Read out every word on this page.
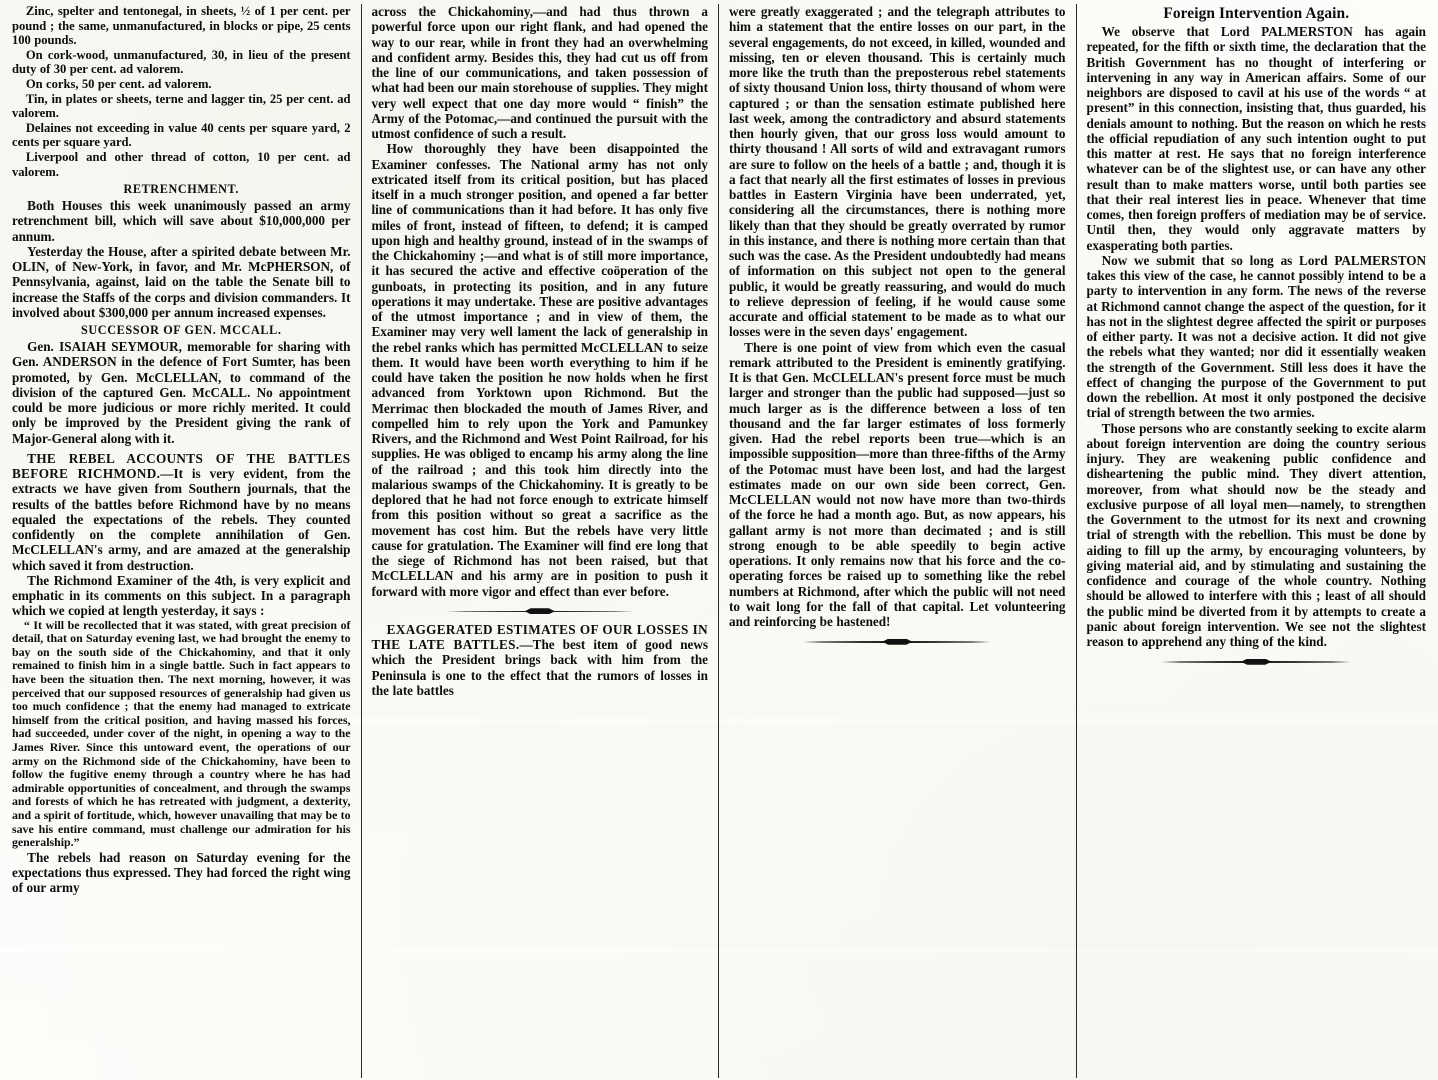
Zinc, spelter and tentonegal, in sheets, ½ of 1 per cent. per pound ; the same, unmanufactured, in blocks or pipe, 25 cents 100 pounds.

On cork-wood, unmanufactured, 30, in lieu of the present duty of 30 per cent. ad valorem.

On corks, 50 per cent. ad valorem.

Tin, in plates or sheets, terne and lagger tin, 25 per cent. ad valorem.

Delaines not exceeding in value 40 cents per square yard, 2 cents per square yard.

Liverpool and other thread of cotton, 10 per cent. ad valorem.

RETRENCHMENT.

Both Houses this week unanimously passed an army retrenchment bill, which will save about $10,000,000 per annum.

Yesterday the House, after a spirited debate between Mr. OLIN, of New-York, in favor, and Mr. McPHERSON, of Pennsylvania, against, laid on the table the Senate bill to increase the Staffs of the corps and division commanders. It involved about $300,000 per annum increased expenses.

SUCCESSOR OF GEN. MCCALL.

Gen. ISAIAH SEYMOUR, memorable for sharing with Gen. ANDERSON in the defence of Fort Sumter, has been promoted, by Gen. McCLELLAN, to command of the division of the captured Gen. McCALL. No appointment could be more judicious or more richly merited. It could only be improved by the President giving the rank of Major-General along with it.

THE REBEL ACCOUNTS OF THE BATTLES BEFORE RICHMOND.—It is very evident, from the extracts we have given from Southern journals, that the results of the battles before Richmond have by no means equaled the expectations of the rebels. They counted confidently on the complete annihilation of Gen. McCLELLAN's army, and are amazed at the generalship which saved it from destruction.

The Richmond Examiner of the 4th, is very explicit and emphatic in its comments on this subject. In a paragraph which we copied at length yesterday, it says :

“ It will be recollected that it was stated, with great precision of detail, that on Saturday evening last, we had brought the enemy to bay on the south side of the Chickahominy, and that it only remained to finish him in a single battle. Such in fact appears to have been the situation then. The next morning, however, it was perceived that our supposed resources of generalship had given us too much confidence ; that the enemy had managed to extricate himself from the critical position, and having massed his forces, had succeeded, under cover of the night, in opening a way to the James River. Since this untoward event, the operations of our army on the Richmond side of the Chickahominy, have been to follow the fugitive enemy through a country where he has had admirable opportunities of concealment, and through the swamps and forests of which he has retreated with judgment, a dexterity, and a spirit of fortitude, which, however unavailing that may be to save his entire command, must challenge our admiration for his generalship.”

The rebels had reason on Saturday evening for the expectations thus expressed. They had forced the right wing of our army

across the Chickahominy,—and had thus thrown a powerful force upon our right flank, and had opened the way to our rear, while in front they had an overwhelming and confident army. Besides this, they had cut us off from the line of our communications, and taken possession of what had been our main storehouse of supplies. They might very well expect that one day more would “ finish” the Army of the Potomac,—and continued the pursuit with the utmost confidence of such a result.

How thoroughly they have been disappointed the Examiner confesses. The National army has not only extricated itself from its critical position, but has placed itself in a much stronger position, and opened a far better line of communications than it had before. It has only five miles of front, instead of fifteen, to defend; it is camped upon high and healthy ground, instead of in the swamps of the Chickahominy ;—and what is of still more importance, it has secured the active and effective coöperation of the gunboats, in protecting its position, and in any future operations it may undertake. These are positive advantages of the utmost importance ; and in view of them, the Examiner may very well lament the lack of generalship in the rebel ranks which has permitted McCLELLAN to seize them. It would have been worth everything to him if he could have taken the position he now holds when he first advanced from Yorktown upon Richmond. But the Merrimac then blockaded the mouth of James River, and compelled him to rely upon the York and Pamunkey Rivers, and the Richmond and West Point Railroad, for his supplies. He was obliged to encamp his army along the line of the railroad ; and this took him directly into the malarious swamps of the Chickahominy. It is greatly to be deplored that he had not force enough to extricate himself from this position without so great a sacrifice as the movement has cost him. But the rebels have very little cause for gratulation. The Examiner will find ere long that the siege of Richmond has not been raised, but that McCLELLAN and his army are in position to push it forward with more vigor and effect than ever before.

EXAGGERATED ESTIMATES OF OUR LOSSES IN THE LATE BATTLES.—The best item of good news which the President brings back with him from the Peninsula is one to the effect that the rumors of losses in the late battles

were greatly exaggerated ; and the telegraph attributes to him a statement that the entire losses on our part, in the several engagements, do not exceed, in killed, wounded and missing, ten or eleven thousand. This is certainly much more like the truth than the preposterous rebel statements of sixty thousand Union loss, thirty thousand of whom were captured ; or than the sensation estimate published here last week, among the contradictory and absurd statements then hourly given, that our gross loss would amount to thirty thousand ! All sorts of wild and extravagant rumors are sure to follow on the heels of a battle ; and, though it is a fact that nearly all the first estimates of losses in previous battles in Eastern Virginia have been underrated, yet, considering all the circumstances, there is nothing more likely than that they should be greatly overrated by rumor in this instance, and there is nothing more certain than that such was the case. As the President undoubtedly had means of information on this subject not open to the general public, it would be greatly reassuring, and would do much to relieve depression of feeling, if he would cause some accurate and official statement to be made as to what our losses were in the seven days' engagement.

There is one point of view from which even the casual remark attributed to the President is eminently gratifying. It is that Gen. McCLELLAN's present force must be much larger and stronger than the public had supposed—just so much larger as is the difference between a loss of ten thousand and the far larger estimates of loss formerly given. Had the rebel reports been true—which is an impossible supposition—more than three-fifths of the Army of the Potomac must have been lost, and had the largest estimates made on our own side been correct, Gen. McCLELLAN would not now have more than two-thirds of the force he had a month ago. But, as now appears, his gallant army is not more than decimated ; and is still strong enough to be able speedily to begin active operations. It only remains now that his force and the co-operating forces be raised up to something like the rebel numbers at Richmond, after which the public will not need to wait long for the fall of that capital. Let volunteering and reinforcing be hastened!

Foreign Intervention Again.

We observe that Lord PALMERSTON has again repeated, for the fifth or sixth time, the declaration that the British Government has no thought of interfering or intervening in any way in American affairs. Some of our neighbors are disposed to cavil at his use of the words “ at present” in this connection, insisting that, thus guarded, his denials amount to nothing. But the reason on which he rests the official repudiation of any such intention ought to put this matter at rest. He says that no foreign interference whatever can be of the slightest use, or can have any other result than to make matters worse, until both parties see that their real interest lies in peace. Whenever that time comes, then foreign proffers of mediation may be of service. Until then, they would only aggravate matters by exasperating both parties.

Now we submit that so long as Lord PALMERSTON takes this view of the case, he cannot possibly intend to be a party to intervention in any form. The news of the reverse at Richmond cannot change the aspect of the question, for it has not in the slightest degree affected the spirit or purposes of either party. It was not a decisive action. It did not give the rebels what they wanted; nor did it essentially weaken the strength of the Government. Still less does it have the effect of changing the purpose of the Government to put down the rebellion. At most it only postponed the decisive trial of strength between the two armies.

Those persons who are constantly seeking to excite alarm about foreign intervention are doing the country serious injury. They are weakening public confidence and disheartening the public mind. They divert attention, moreover, from what should now be the steady and exclusive purpose of all loyal men—namely, to strengthen the Government to the utmost for its next and crowning trial of strength with the rebellion. This must be done by aiding to fill up the army, by encouraging volunteers, by giving material aid, and by stimulating and sustaining the confidence and courage of the whole country. Nothing should be allowed to interfere with this ; least of all should the public mind be diverted from it by attempts to create a panic about foreign intervention. We see not the slightest reason to apprehend any thing of the kind.
